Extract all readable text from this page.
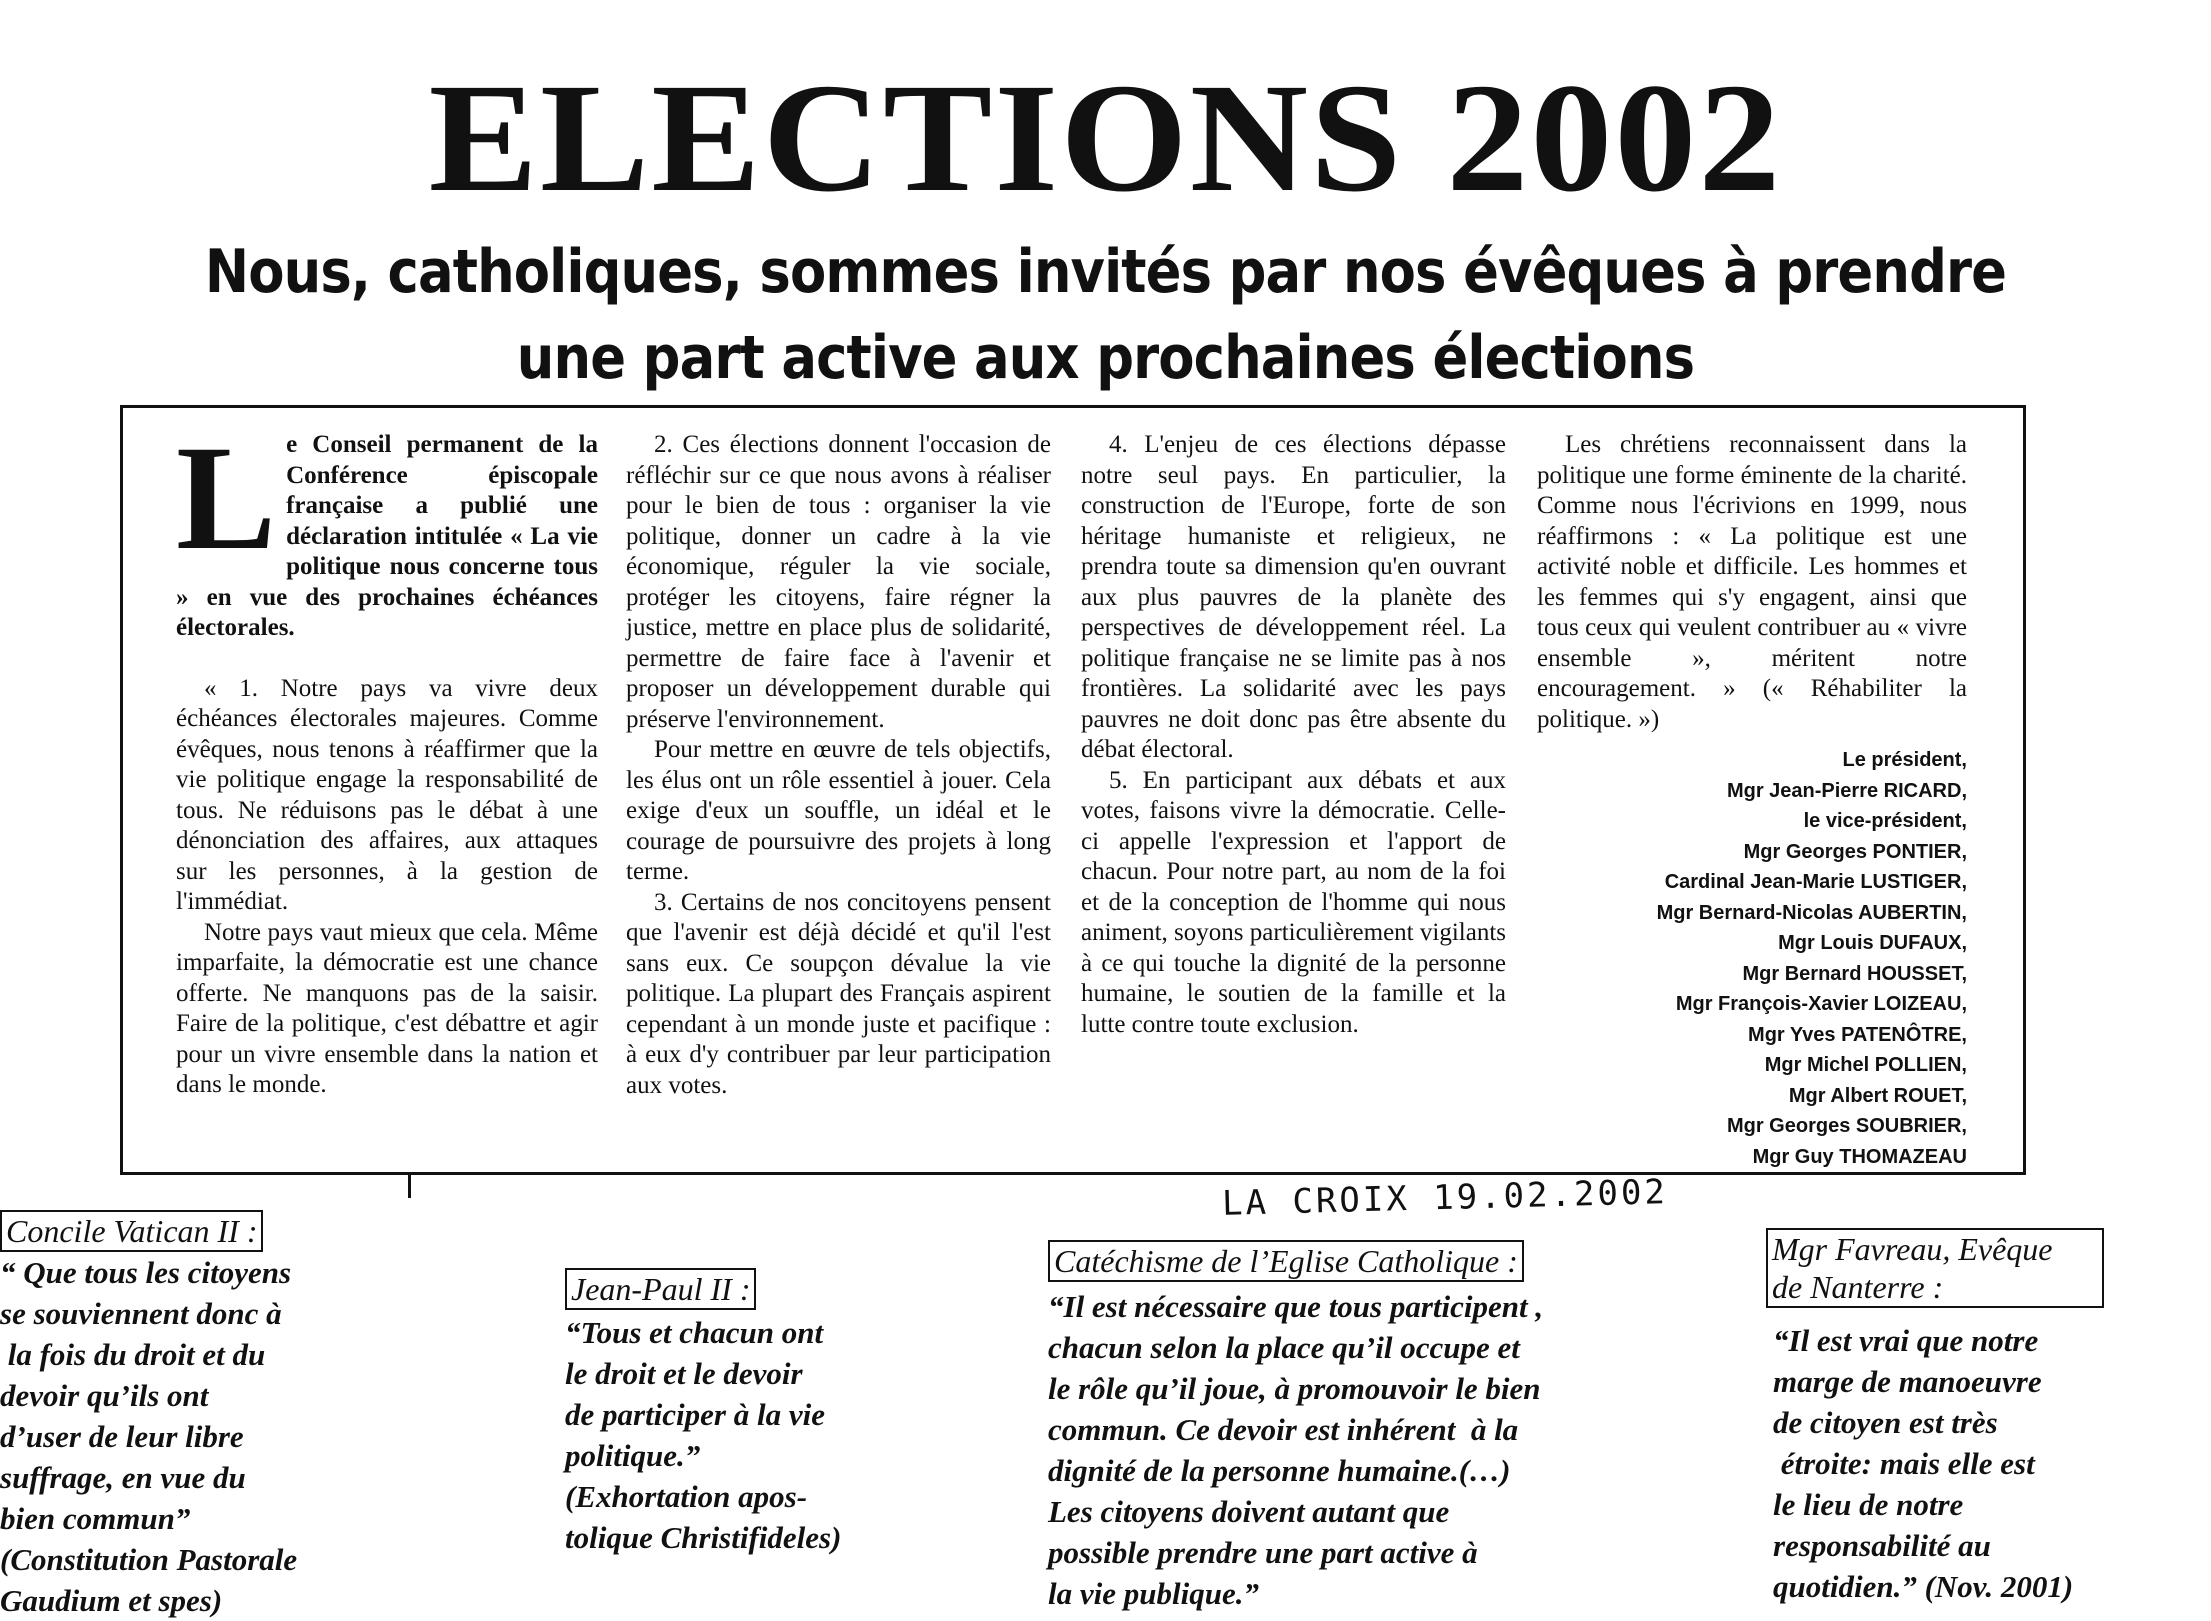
ELECTIONS 2002
Nous, catholiques, sommes invités par nos évêques à prendre
une part active aux prochaines élections
L e Conseil permanent de la Conférence épiscopale française a publié une déclaration intitulée « La vie politique nous concerne tous » en vue des prochaines échéances électorales.

« 1. Notre pays va vivre deux échéances électorales majeures. Comme évêques, nous tenons à réaffirmer que la vie politique engage la responsabilité de tous. Ne réduisons pas le débat à une dénonciation des affaires, aux attaques sur les personnes, à la gestion de l'immédiat.

Notre pays vaut mieux que cela. Même imparfaite, la démocratie est une chance offerte. Ne manquons pas de la saisir. Faire de la politique, c'est débattre et agir pour un vivre ensemble dans la nation et dans le monde.

2. Ces élections donnent l'occasion de réfléchir sur ce que nous avons à réaliser pour le bien de tous : organiser la vie politique, donner un cadre à la vie économique, réguler la vie sociale, protéger les citoyens, faire régner la justice, mettre en place plus de solidarité, permettre de faire face à l'avenir et proposer un développement durable qui préserve l'environnement.

Pour mettre en œuvre de tels objectifs, les élus ont un rôle essentiel à jouer. Cela exige d'eux un souffle, un idéal et le courage de poursuivre des projets à long terme.

3. Certains de nos concitoyens pensent que l'avenir est déjà décidé et qu'il l'est sans eux. Ce soupçon dévalue la vie politique. La plupart des Français aspirent cependant à un monde juste et pacifique : à eux d'y contribuer par leur participation aux votes.

4. L'enjeu de ces élections dépasse notre seul pays. En particulier, la construction de l'Europe, forte de son héritage humaniste et religieux, ne prendra toute sa dimension qu'en ouvrant aux plus pauvres de la planète des perspectives de développement réel. La politique française ne se limite pas à nos frontières. La solidarité avec les pays pauvres ne doit donc pas être absente du débat électoral.

5. En participant aux débats et aux votes, faisons vivre la démocratie. Celle-ci appelle l'expression et l'apport de chacun. Pour notre part, au nom de la foi et de la conception de l'homme qui nous animent, soyons particulièrement vigilants à ce qui touche la dignité de la personne humaine, le soutien de la famille et la lutte contre toute exclusion.

Les chrétiens reconnaissent dans la politique une forme éminente de la charité. Comme nous l'écrivions en 1999, nous réaffirmons : « La politique est une activité noble et difficile. Les hommes et les femmes qui s'y engagent, ainsi que tous ceux qui veulent contribuer au « vivre ensemble », méritent notre encouragement. » (« Réhabiliter la politique. »)

Le président,
Mgr Jean-Pierre RICARD,
le vice-président,
Mgr Georges PONTIER,
Cardinal Jean-Marie LUSTIGER,
Mgr Bernard-Nicolas AUBERTIN,
Mgr Louis DUFAUX,
Mgr Bernard HOUSSET,
Mgr François-Xavier LOIZEAU,
Mgr Yves PATENÔTRE,
Mgr Michel POLLIEN,
Mgr Albert ROUET,
Mgr Georges SOUBRIER,
Mgr Guy THOMAZEAU
LA CROIX 19.02.2002
Concile Vatican II :
“ Que tous les citoyens
se souviennent donc à
la fois du droit et du
devoir qu’ils ont
d’user de leur libre
suffrage, en vue du
bien commun”
(Constitution Pastorale
Gaudium et spes)
Jean-Paul II :
“Tous et chacun ont
le droit et le devoir
de participer à la vie
politique.”
(Exhortation apos-
tolique Christifideles)
Catéchisme de l’Eglise Catholique :
“Il est nécessaire que tous participent ,
chacun selon la place qu’il occupe et
le rôle qu’il joue, à promouvoir le bien
commun. Ce devoir est inhérent  à la
dignité de la personne humaine.(…)
Les citoyens doivent autant que
possible prendre une part active à
la vie publique.”
Mgr Favreau, Evêque
de Nanterre :
“Il est vrai que notre
marge de manoeuvre
de citoyen est très
étroite: mais elle est
le lieu de notre
responsabilité au
quotidien.” (Nov. 2001)
